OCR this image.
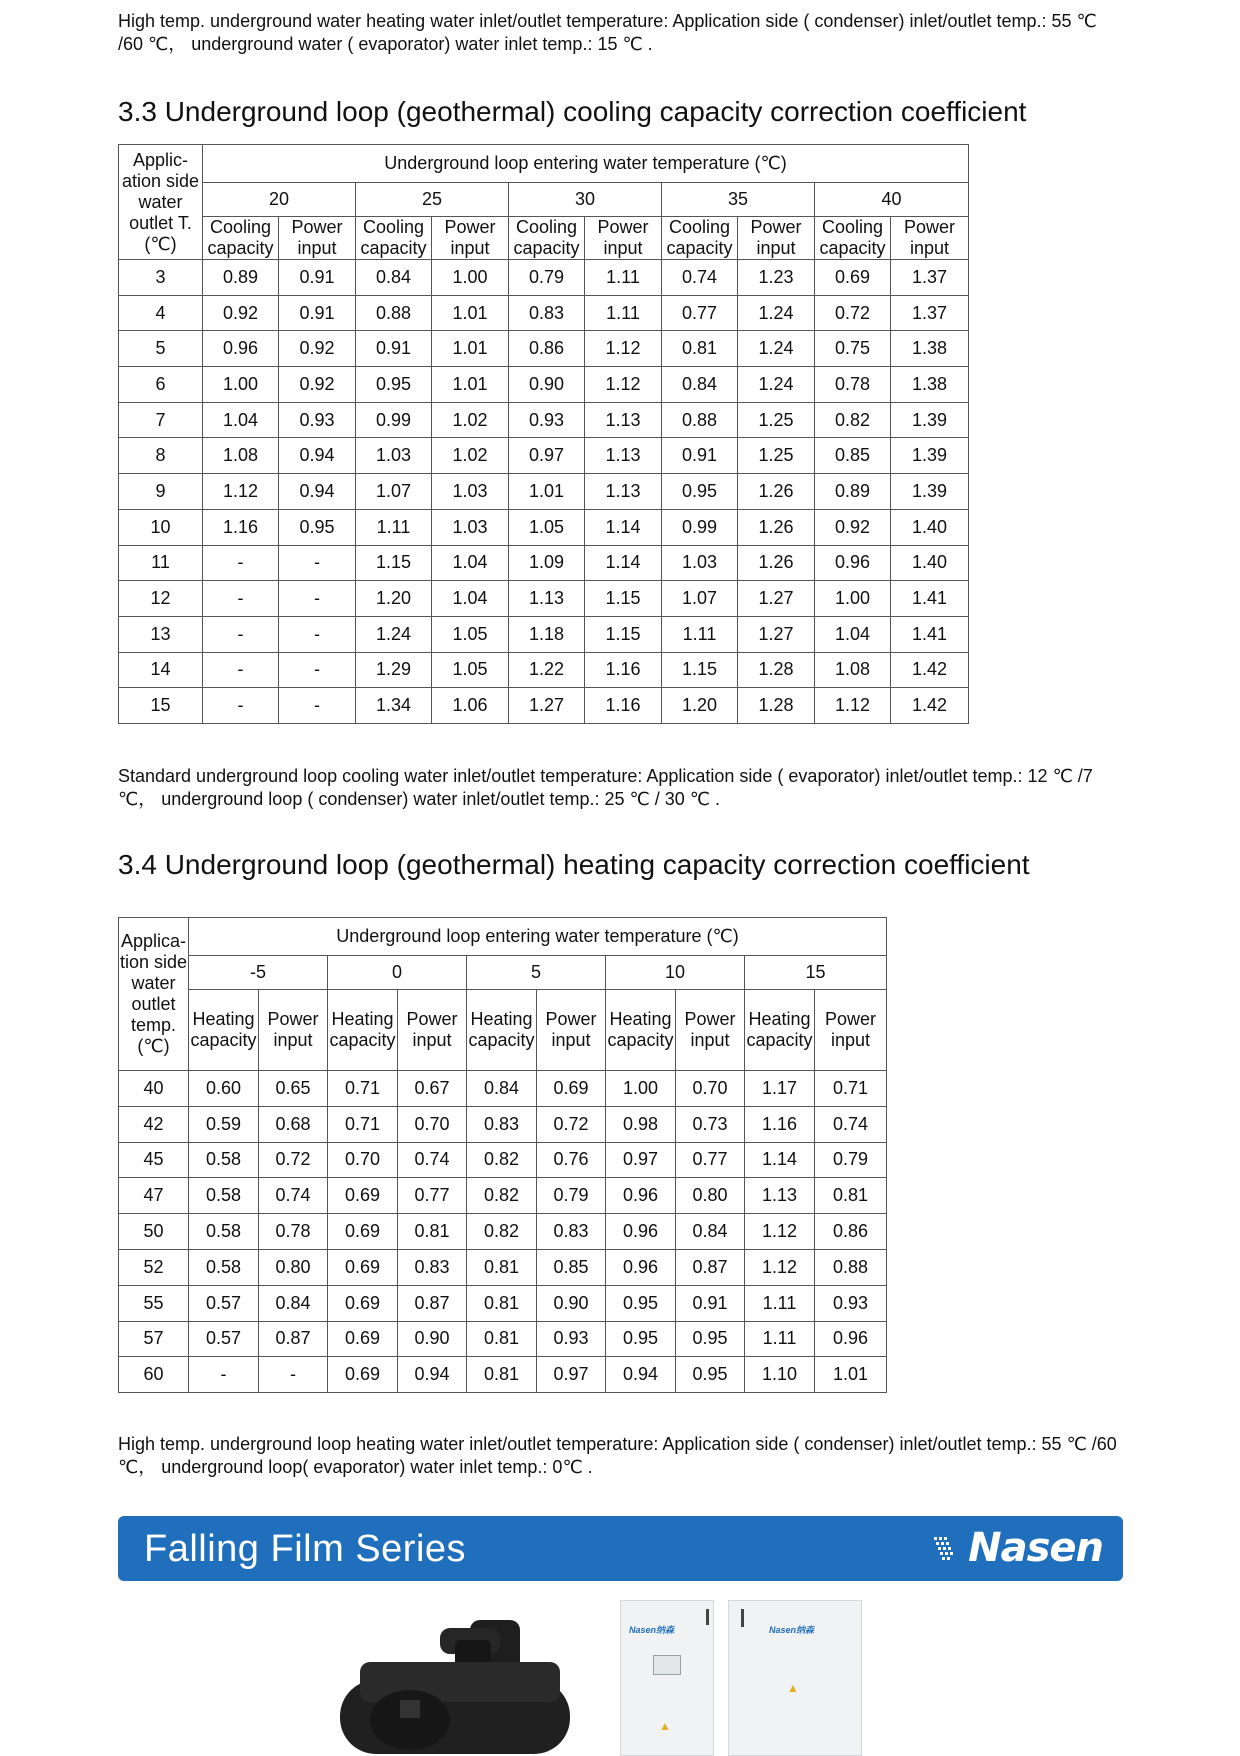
High temp. underground water heating water inlet/outlet temperature: Application side ( condenser) inlet/outlet temp.: 55 ℃ /60 ℃， underground water ( evaporator) water inlet temp.: 15 ℃ .

3.3 Underground loop (geothermal) cooling capacity correction coefficient
Applic-ation side water outlet T. (℃)	Underground loop entering water temperature (℃)									
	20		25		30		35		40	
	Cooling capacity	Power input	Cooling capacity	Power input	Cooling capacity	Power input	Cooling capacity	Power input	Cooling capacity	Power input
3	0.89	0.91	0.84	1.00	0.79	1.11	0.74	1.23	0.69	1.37
4	0.92	0.91	0.88	1.01	0.83	1.11	0.77	1.24	0.72	1.37
5	0.96	0.92	0.91	1.01	0.86	1.12	0.81	1.24	0.75	1.38
6	1.00	0.92	0.95	1.01	0.90	1.12	0.84	1.24	0.78	1.38
7	1.04	0.93	0.99	1.02	0.93	1.13	0.88	1.25	0.82	1.39
8	1.08	0.94	1.03	1.02	0.97	1.13	0.91	1.25	0.85	1.39
9	1.12	0.94	1.07	1.03	1.01	1.13	0.95	1.26	0.89	1.39
10	1.16	0.95	1.11	1.03	1.05	1.14	0.99	1.26	0.92	1.40
11	-	-	1.15	1.04	1.09	1.14	1.03	1.26	0.96	1.40
12	-	-	1.20	1.04	1.13	1.15	1.07	1.27	1.00	1.41
13	-	-	1.24	1.05	1.18	1.15	1.11	1.27	1.04	1.41
14	-	-	1.29	1.05	1.22	1.16	1.15	1.28	1.08	1.42
15	-	-	1.34	1.06	1.27	1.16	1.20	1.28	1.12	1.42

Standard underground loop cooling water inlet/outlet temperature: Application side ( evaporator) inlet/outlet temp.: 12 ℃ /7 ℃， underground loop ( condenser) water inlet/outlet temp.: 25 ℃ / 30 ℃ .

3.4 Underground loop (geothermal) heating capacity correction coefficient
Applica-tion side water outlet temp. (℃)	Underground loop entering water temperature (℃)									
	-5		0		5		10		15	
	Heating capacity	Power input	Heating capacity	Power input	Heating capacity	Power input	Heating capacity	Power input	Heating capacity	Power input
40	0.60	0.65	0.71	0.67	0.84	0.69	1.00	0.70	1.17	0.71
42	0.59	0.68	0.71	0.70	0.83	0.72	0.98	0.73	1.16	0.74
45	0.58	0.72	0.70	0.74	0.82	0.76	0.97	0.77	1.14	0.79
47	0.58	0.74	0.69	0.77	0.82	0.79	0.96	0.80	1.13	0.81
50	0.58	0.78	0.69	0.81	0.82	0.83	0.96	0.84	1.12	0.86
52	0.58	0.80	0.69	0.83	0.81	0.85	0.96	0.87	1.12	0.88
55	0.57	0.84	0.69	0.87	0.81	0.90	0.95	0.91	1.11	0.93
57	0.57	0.87	0.69	0.90	0.81	0.93	0.95	0.95	1.11	0.96
60	-	-	0.69	0.94	0.81	0.97	0.94	0.95	1.10	1.01

High temp. underground loop heating water inlet/outlet temperature: Application side ( condenser) inlet/outlet temp.: 55 ℃ /60 ℃， underground loop( evaporator) water inlet temp.: 0℃ .

Falling Film Series	Nasen
Nasen纳森
▲
Nasen纳森
▲
